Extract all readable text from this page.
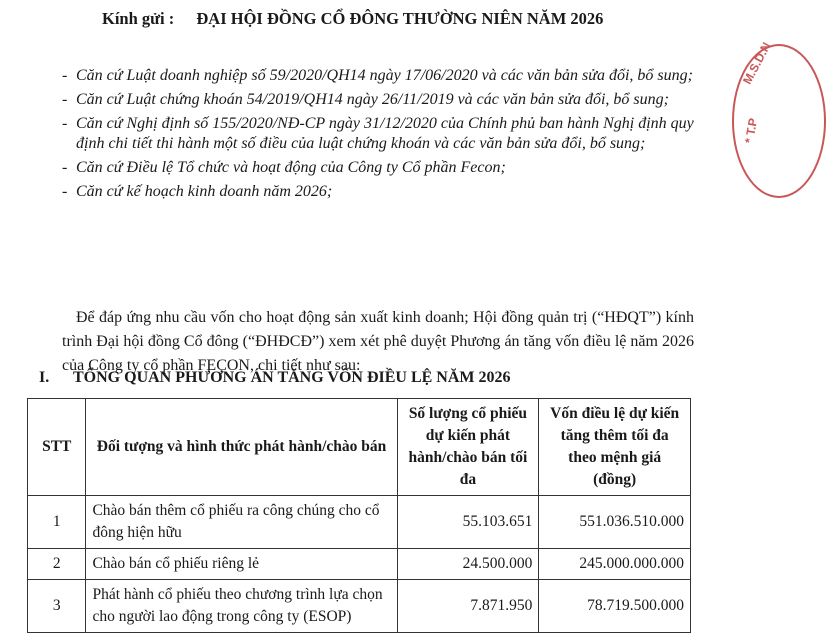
Kính gửi : ĐẠI HỘI ĐỒNG CỔ ĐÔNG THƯỜNG NIÊN NĂM 2026
- Căn cứ Luật doanh nghiệp số 59/2020/QH14 ngày 17/06/2020 và các văn bản sửa đổi, bổ sung;
- Căn cứ Luật chứng khoán 54/2019/QH14 ngày 26/11/2019 và các văn bản sửa đổi, bổ sung;
- Căn cứ Nghị định số 155/2020/NĐ-CP ngày 31/12/2020 của Chính phủ ban hành Nghị định quy định chi tiết thi hành một số điều của luật chứng khoán và các văn bản sửa đổi, bổ sung;
- Căn cứ Điều lệ Tổ chức và hoạt động của Công ty Cổ phần Fecon;
- Căn cứ kế hoạch kinh doanh năm 2026;

Để đáp ứng nhu cầu vốn cho hoạt động sản xuất kinh doanh; Hội đồng quản trị (“HĐQT”) kính trình Đại hội đồng Cổ đông (“ĐHĐCĐ”) xem xét phê duyệt Phương án tăng vốn điều lệ năm 2026 của Công ty cổ phần FECON, chi tiết như sau:

I. TỔNG QUAN PHƯƠNG ÁN TĂNG VỐN ĐIỀU LỆ NĂM 2026
STT	Đối tượng và hình thức phát hành/chào bán	Số lượng cổ phiếu dự kiến phát hành/chào bán tối đa	Vốn điều lệ dự kiến tăng thêm tối đa theo mệnh giá (đồng)
1	Chào bán thêm cổ phiếu ra công chúng cho cổ đông hiện hữu	55.103.651	551.036.510.000
2	Chào bán cổ phiếu riêng lẻ	24.500.000	245.000.000.000
3	Phát hành cổ phiếu theo chương trình lựa chọn cho người lao động trong công ty (ESOP)	7.871.950	78.719.500.000
M.S.D.N
* T.P
